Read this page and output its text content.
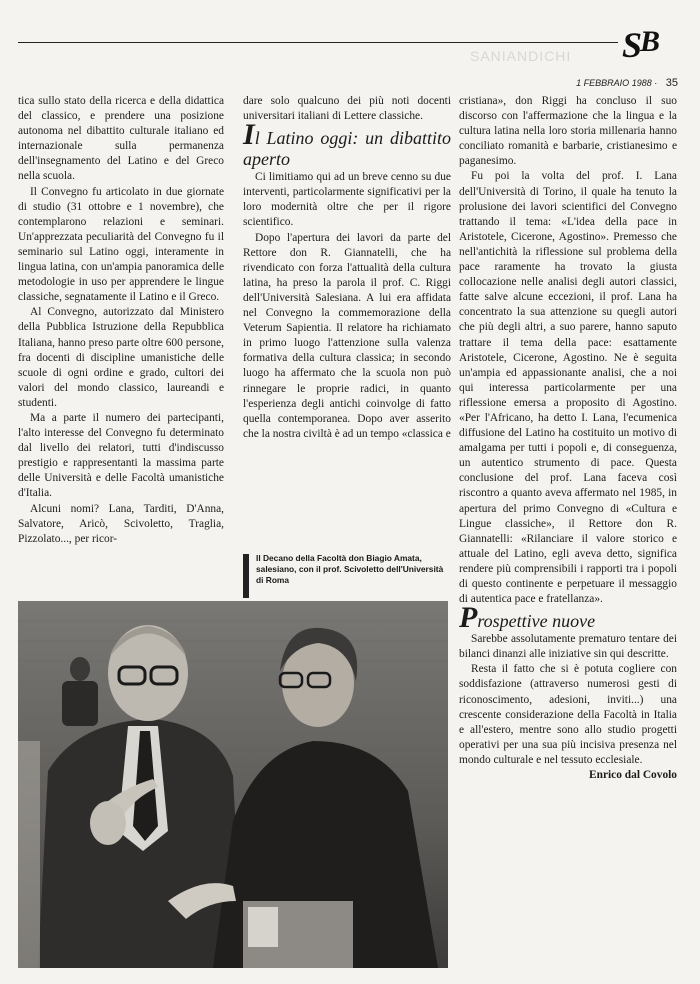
SANIANDICHI SB
1 FEBBRAIO 1988 · 35

tica sullo stato della ricerca e della didattica del classico, e prendere una posizione autonoma nel dibattito culturale italiano ed internazionale sulla permanenza dell'insegnamento del Latino e del Greco nella scuola.

Il Convegno fu articolato in due giornate di studio (31 ottobre e 1 novembre), che contemplarono relazioni e seminari. Un'apprezzata peculiarità del Convegno fu il seminario sul Latino oggi, interamente in lingua latina, con un'ampia panoramica delle metodologie in uso per apprendere le lingue classiche, segnatamente il Latino e il Greco.

Al Convegno, autorizzato dal Ministero della Pubblica Istruzione della Repubblica Italiana, hanno preso parte oltre 600 persone, fra docenti di discipline umanistiche delle scuole di ogni ordine e grado, cultori dei valori del mondo classico, laureandi e studenti.

Ma a parte il numero dei partecipanti, l'alto interesse del Convegno fu determinato dal livello dei relatori, tutti d'indiscusso prestigio e rappresentanti la massima parte delle Università e delle Facoltà umanistiche d'Italia.

Alcuni nomi? Lana, Tarditi, D'Anna, Salvatore, Aricò, Scivoletto, Traglia, Pizzolato..., per ricor-

dare solo qualcuno dei più noti docenti universitari italiani di Lettere classiche.

Il Latino oggi: un dibattito aperto

Ci limitiamo qui ad un breve cenno su due interventi, particolarmente significativi per la loro modernità oltre che per il rigore scientifico.

Dopo l'apertura dei lavori da parte del Rettore don R. Giannatelli, che ha rivendicato con forza l'attualità della cultura latina, ha preso la parola il prof. C. Riggi dell'Università Salesiana. A lui era affidata nel Convegno la commemorazione della Veterum Sapientia. Il relatore ha richiamato in primo luogo l'attenzione sulla valenza formativa della cultura classica; in secondo luogo ha affermato che la scuola non può rinnegare le proprie radici, in quanto l'esperienza degli antichi coinvolge di fatto quella contemporanea. Dopo aver asserito che la nostra civiltà è ad un tempo «classica e

Il Decano della Facoltà don Biagio Amata, salesiano, con il prof. Scivoletto dell'Università di Roma

cristiana», don Riggi ha concluso il suo discorso con l'affermazione che la lingua e la cultura latina nella loro storia millenaria hanno conciliato romanità e barbarie, cristianesimo e paganesimo.

Fu poi la volta del prof. I. Lana dell'Università di Torino, il quale ha tenuto la prolusione dei lavori scientifici del Convegno trattando il tema: «L'idea della pace in Aristotele, Cicerone, Agostino». Premesso che nell'antichità la riflessione sul problema della pace raramente ha trovato la giusta collocazione nelle analisi degli autori classici, fatte salve alcune eccezioni, il prof. Lana ha concentrato la sua attenzione su quegli autori che più degli altri, a suo parere, hanno saputo trattare il tema della pace: esattamente Aristotele, Cicerone, Agostino. Ne è seguita un'ampia ed appassionante analisi, che a noi qui interessa particolarmente per una riflessione emersa a proposito di Agostino. «Per l'Africano, ha detto I. Lana, l'ecumenica diffusione del Latino ha costituito un motivo di amalgama per tutti i popoli e, di conseguenza, un autentico strumento di pace. Questa conclusione del prof. Lana faceva così riscontro a quanto aveva affermato nel 1985, in apertura del primo Convegno di «Cultura e Lingue classiche», il Rettore don R. Giannatelli: «Rilanciare il valore storico e attuale del Latino, egli aveva detto, significa rendere più comprensibili i rapporti tra i popoli di questo continente e perpetuare il messaggio di autentica pace e fratellanza».

Prospettive nuove

Sarebbe assolutamente prematuro tentare dei bilanci dinanzi alle iniziative sin qui descritte.

Resta il fatto che si è potuta cogliere con soddisfazione (attraverso numerosi gesti di riconoscimento, adesioni, inviti...) una crescente considerazione della Facoltà in Italia e all'estero, mentre sono allo studio progetti operativi per una sua più incisiva presenza nel mondo culturale e nel tessuto ecclesiale.

Enrico dal Covolo
